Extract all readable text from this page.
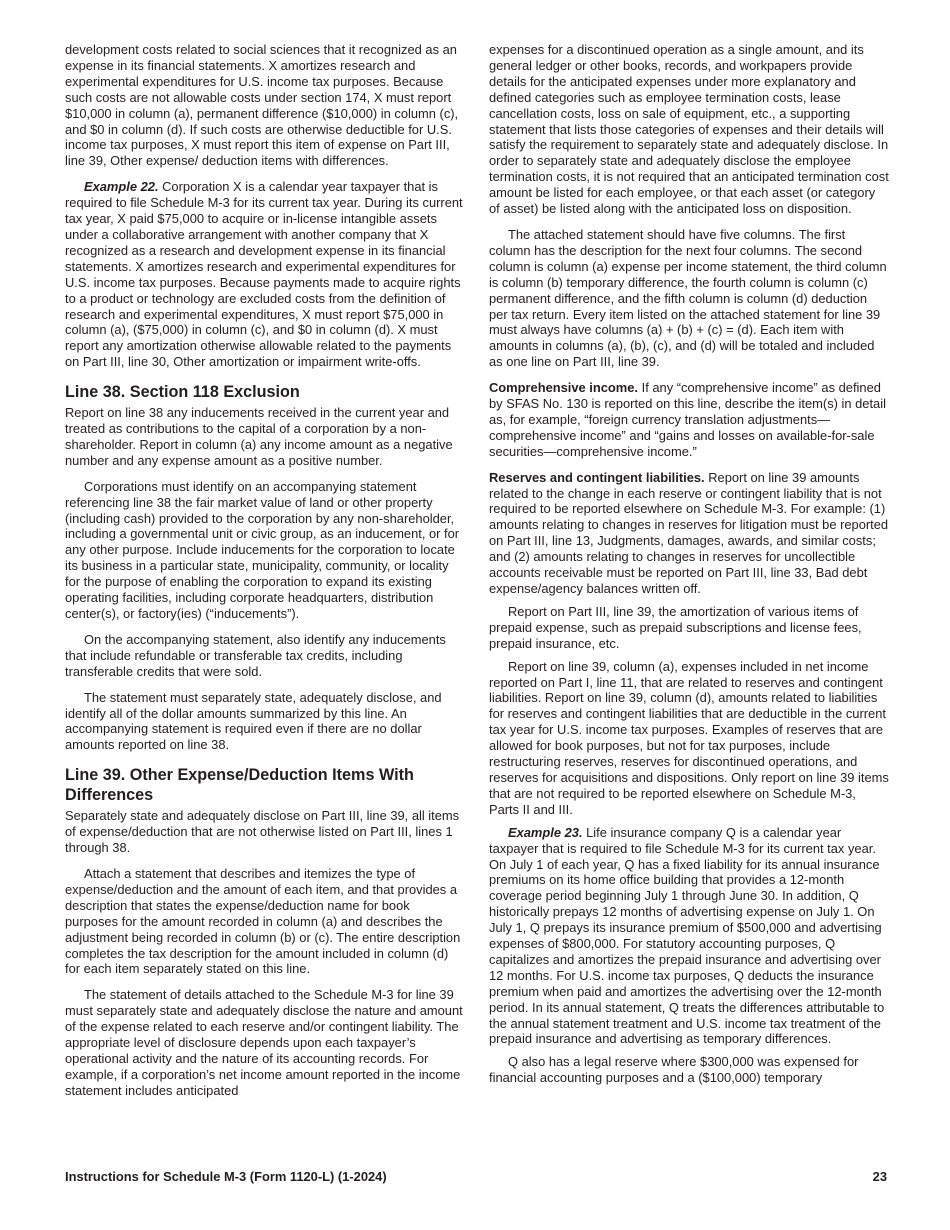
development costs related to social sciences that it recognized as an expense in its financial statements. X amortizes research and experimental expenditures for U.S. income tax purposes. Because such costs are not allowable costs under section 174, X must report $10,000 in column (a), permanent difference ($10,000) in column (c), and $0 in column (d). If such costs are otherwise deductible for U.S. income tax purposes, X must report this item of expense on Part III, line 39, Other expense/ deduction items with differences.

Example 22. Corporation X is a calendar year taxpayer that is required to file Schedule M-3 for its current tax year. During its current tax year, X paid $75,000 to acquire or in-license intangible assets under a collaborative arrangement with another company that X recognized as a research and development expense in its financial statements. X amortizes research and experimental expenditures for U.S. income tax purposes. Because payments made to acquire rights to a product or technology are excluded costs from the definition of research and experimental expenditures, X must report $75,000 in column (a), ($75,000) in column (c), and $0 in column (d). X must report any amortization otherwise allowable related to the payments on Part III, line 30, Other amortization or impairment write-offs.

Line 38. Section 118 Exclusion

Report on line 38 any inducements received in the current year and treated as contributions to the capital of a corporation by a non-shareholder. Report in column (a) any income amount as a negative number and any expense amount as a positive number.

Corporations must identify on an accompanying statement referencing line 38 the fair market value of land or other property (including cash) provided to the corporation by any non-shareholder, including a governmental unit or civic group, as an inducement, or for any other purpose. Include inducements for the corporation to locate its business in a particular state, municipality, community, or locality for the purpose of enabling the corporation to expand its existing operating facilities, including corporate headquarters, distribution center(s), or factory(ies) (“inducements”).

On the accompanying statement, also identify any inducements that include refundable or transferable tax credits, including transferable credits that were sold.

The statement must separately state, adequately disclose, and identify all of the dollar amounts summarized by this line. An accompanying statement is required even if there are no dollar amounts reported on line 38.

Line 39. Other Expense/Deduction Items With Differences

Separately state and adequately disclose on Part III, line 39, all items of expense/deduction that are not otherwise listed on Part III, lines 1 through 38.

Attach a statement that describes and itemizes the type of expense/deduction and the amount of each item, and that provides a description that states the expense/deduction name for book purposes for the amount recorded in column (a) and describes the adjustment being recorded in column (b) or (c). The entire description completes the tax description for the amount included in column (d) for each item separately stated on this line.

The statement of details attached to the Schedule M-3 for line 39 must separately state and adequately disclose the nature and amount of the expense related to each reserve and/or contingent liability. The appropriate level of disclosure depends upon each taxpayer’s operational activity and the nature of its accounting records. For example, if a corporation’s net income amount reported in the income statement includes anticipated

expenses for a discontinued operation as a single amount, and its general ledger or other books, records, and workpapers provide details for the anticipated expenses under more explanatory and defined categories such as employee termination costs, lease cancellation costs, loss on sale of equipment, etc., a supporting statement that lists those categories of expenses and their details will satisfy the requirement to separately state and adequately disclose. In order to separately state and adequately disclose the employee termination costs, it is not required that an anticipated termination cost amount be listed for each employee, or that each asset (or category of asset) be listed along with the anticipated loss on disposition.

The attached statement should have five columns. The first column has the description for the next four columns. The second column is column (a) expense per income statement, the third column is column (b) temporary difference, the fourth column is column (c) permanent difference, and the fifth column is column (d) deduction per tax return. Every item listed on the attached statement for line 39 must always have columns (a) + (b) + (c) = (d). Each item with amounts in columns (a), (b), (c), and (d) will be totaled and included as one line on Part III, line 39.

Comprehensive income. If any “comprehensive income” as defined by SFAS No. 130 is reported on this line, describe the item(s) in detail as, for example, “foreign currency translation adjustments—comprehensive income” and “gains and losses on available-for-sale securities—comprehensive income.”

Reserves and contingent liabilities. Report on line 39 amounts related to the change in each reserve or contingent liability that is not required to be reported elsewhere on Schedule M-3. For example: (1) amounts relating to changes in reserves for litigation must be reported on Part III, line 13, Judgments, damages, awards, and similar costs; and (2) amounts relating to changes in reserves for uncollectible accounts receivable must be reported on Part III, line 33, Bad debt expense/agency balances written off.

Report on Part III, line 39, the amortization of various items of prepaid expense, such as prepaid subscriptions and license fees, prepaid insurance, etc.

Report on line 39, column (a), expenses included in net income reported on Part I, line 11, that are related to reserves and contingent liabilities. Report on line 39, column (d), amounts related to liabilities for reserves and contingent liabilities that are deductible in the current tax year for U.S. income tax purposes. Examples of reserves that are allowed for book purposes, but not for tax purposes, include restructuring reserves, reserves for discontinued operations, and reserves for acquisitions and dispositions. Only report on line 39 items that are not required to be reported elsewhere on Schedule M-3, Parts II and III.

Example 23. Life insurance company Q is a calendar year taxpayer that is required to file Schedule M-3 for its current tax year. On July 1 of each year, Q has a fixed liability for its annual insurance premiums on its home office building that provides a 12-month coverage period beginning July 1 through June 30. In addition, Q historically prepays 12 months of advertising expense on July 1. On July 1, Q prepays its insurance premium of $500,000 and advertising expenses of $800,000. For statutory accounting purposes, Q capitalizes and amortizes the prepaid insurance and advertising over 12 months. For U.S. income tax purposes, Q deducts the insurance premium when paid and amortizes the advertising over the 12-month period. In its annual statement, Q treats the differences attributable to the annual statement treatment and U.S. income tax treatment of the prepaid insurance and advertising as temporary differences.

Q also has a legal reserve where $300,000 was expensed for financial accounting purposes and a ($100,000) temporary

Instructions for Schedule M-3 (Form 1120-L) (1-2024)	23
